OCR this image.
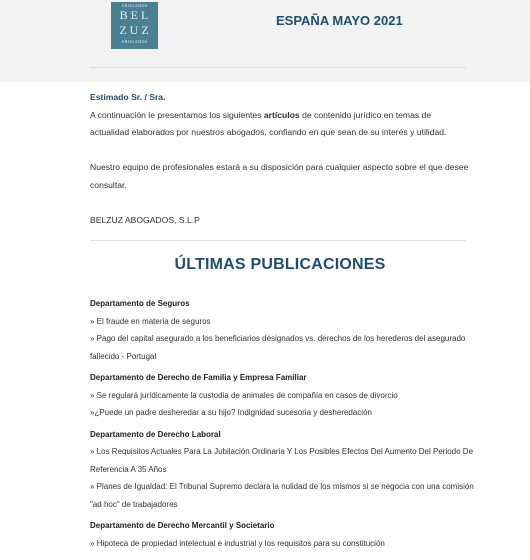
ABOGADOS
BEL
ZUZ
ABOGADOS
ESPAÑA MAYO 2021

Estimado Sr. / Sra.

A continuación le presentamos los siguientes artículos de contenido jurídico en temas de actualidad elaborados por nuestros abogados, confiando en que sean de su interés y utilidad.

Nuestro equipo de profesionales estará a su disposición para cualquier aspecto sobre el que desee consultar.

BELZUZ ABOGADOS, S.L.P

ÚLTIMAS PUBLICACIONES
Departamento de Seguros
» El fraude en materia de seguros
» Pago del capital asegurado a los beneficiarios designados vs. derechos de los herederos del asegurado fallecido - Portugal
Departamento de Derecho de Familia y Empresa Familiar
» Se regulará jurídicamente la custodia de animales de compañía en casos de divorcio
»¿Puede un padre desheredar a su hijo? Indignidad sucesoria y desheredación
Departamento de Derecho Laboral
» Los Requisitos Actuales Para La Jubilación Ordinaria Y Los Posibles Efectos Del Aumento Del Periodo De Referencia A 35 Años
» Planes de Igualdad: El Tribunal Supremo declara la nulidad de los mismos si se negocia con una comisión "ad hoc" de trabajadores
Departamento de Derecho Mercantil y Societario
» Hipoteca de propiedad intelectual e industrial y los requisitos para su constitución
